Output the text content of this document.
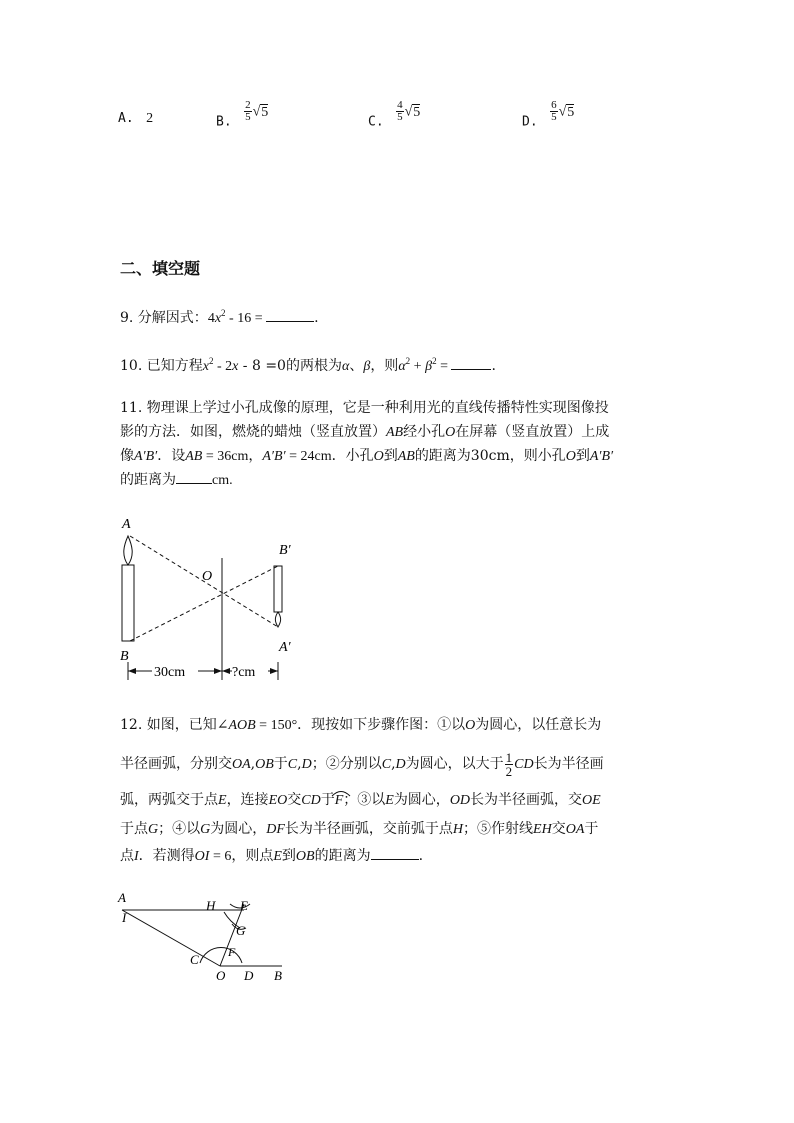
A. 2	B. $\frac{2}{5} √5$
C. $\frac{4}{5} √5$
D. $\frac{6}{5} √5$
二、填空题
9. 分解因式：$4x^2 - 16$ =	.
10. 已知方程$x^2 - 2x - 8 =0$的两根为α、β，则$\alpha^2 + \beta^2$ =	.
11. 物理课上学过小孔成像的原理，它是一种利用光的直线传播特性实现图像投
影的方法．如图，燃烧的蜡烛（竖直放置）AB经小孔O在屏幕（竖直放置）上成
像A′B′．设AB = 36cm，A′B′ = 24cm．小孔O到AB的距离为30cm，则小孔O到A′B′
的距离为	cm.
A
B
O
B′
A′
30cm	?cm
12. 如图，已知∠AOB = 150°．现按如下步骤作图：①以O为圆心，以任意长为
半径画弧，分别交OA,OB于C,D；②分别以C,D为圆心，以大于 $\frac{1}{2}$ CD长为半径画
弧，两弧交于点E，连接EO交CD于F；③以E为圆心，OD长为半径画弧，交OE
于点G；④以G为圆心，DF长为半径画弧，交前弧于点H；⑤作射线EH交OA于
点I．若测得OI = 6，则点E到OB的距离为	.
A
I
H E
G
F
C
O D B
